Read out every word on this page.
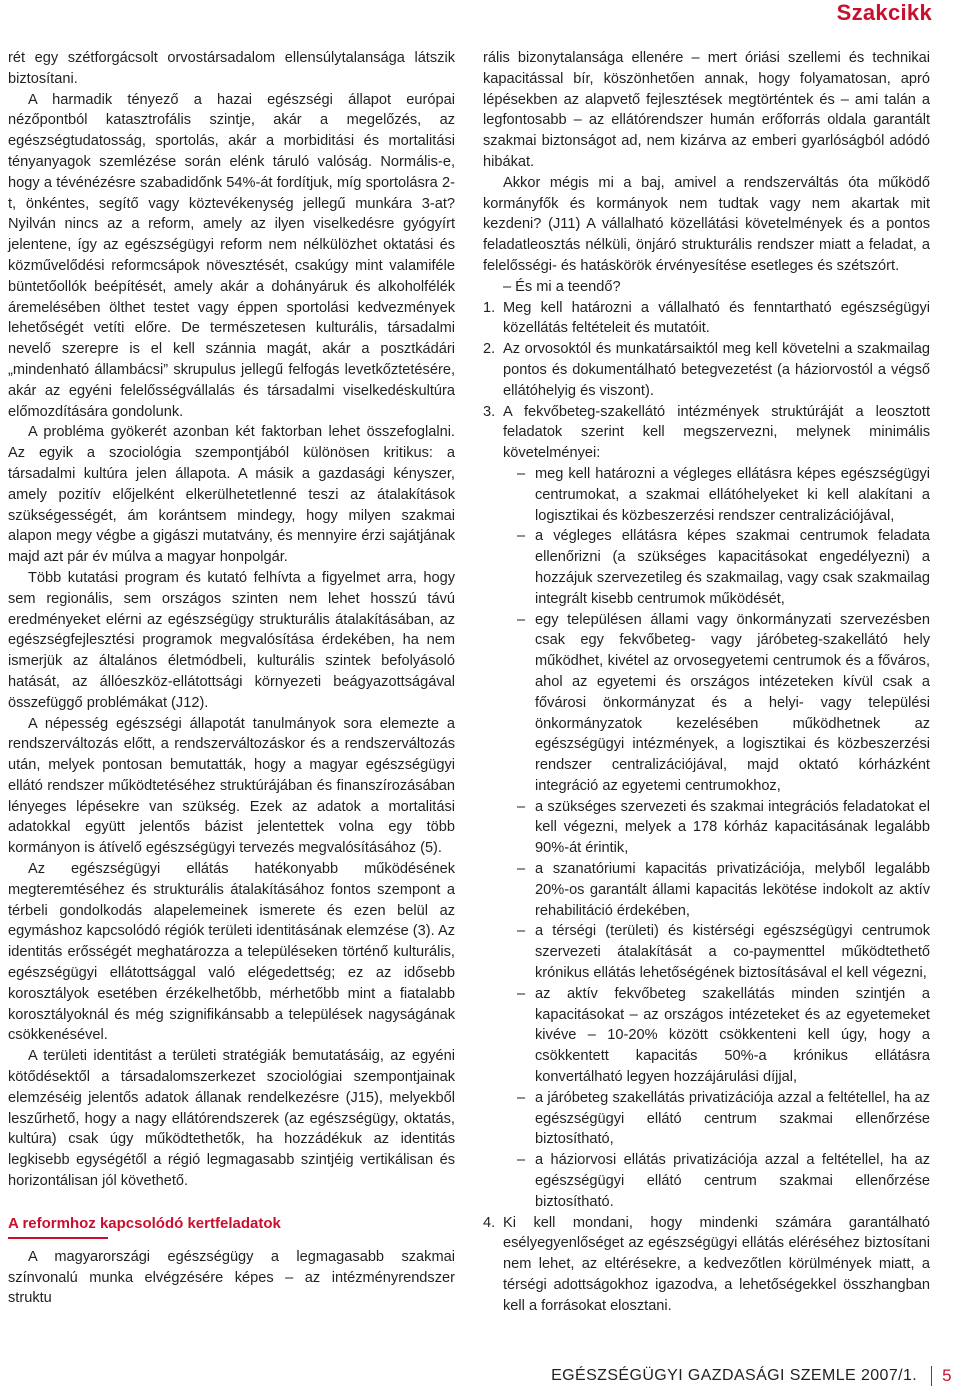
Szakcikk

rét egy szétforgácsolt orvostársadalom ellensúlytalansága látszik biztosítani.

A harmadik tényező a hazai egészségi állapot európai nézőpontból katasztrofális szintje, akár a megelőzés, az egészségtudatosság, sportolás, akár a morbiditási és mortalitási tényanyagok szemlézése során elénk táruló valóság. Normális-e, hogy a tévénézésre szabadidőnk 54%-át fordítjuk, míg sportolásra 2-t, önkéntes, segítő vagy köztevékenység jellegű munkára 3-at? Nyilván nincs az a reform, amely az ilyen viselkedésre gyógyírt jelentene, így az egészségügyi reform nem nélkülözhet oktatási és közművelődési reformcsápok növesztését, csakúgy mint valamiféle büntetőollók beépítését, amely akár a dohányáruk és alkoholfélék áremelésében ölthet testet vagy éppen sportolási kedvezmények lehetőségét vetíti előre. De természetesen kulturális, társadalmi nevelő szerepre is el kell szánnia magát, akár a posztkádári „mindenható állambácsi” skrupulus jellegű felfogás levetkőztetésére, akár az egyéni felelősségvállalás és társadalmi viselkedéskultúra előmozdítására gondolunk.

A probléma gyökerét azonban két faktorban lehet összefoglalni. Az egyik a szociológia szempontjából különösen kritikus: a társadalmi kultúra jelen állapota. A másik a gazdasági kényszer, amely pozitív előjelként elkerülhetetlenné teszi az átalakítások szükségességét, ám korántsem mindegy, hogy milyen szakmai alapon megy végbe a gigászi mutatvány, és mennyire érzi sajátjának majd azt pár év múlva a magyar honpolgár.

Több kutatási program és kutató felhívta a figyelmet arra, hogy sem regionális, sem országos szinten nem lehet hosszú távú eredményeket elérni az egészségügy strukturális átalakításában, az egészségfejlesztési programok megvalósítása érdekében, ha nem ismerjük az általános életmódbeli, kulturális szintek befolyásoló hatását, az állóeszköz-ellátottsági környezeti beágyazottságával összefüggő problémákat (J12).

A népesség egészségi állapotát tanulmányok sora elemezte a rendszerváltozás előtt, a rendszerváltozáskor és a rendszerváltozás után, melyek pontosan bemutatták, hogy a magyar egészségügyi ellátó rendszer működtetéséhez struktúrájában és finanszírozásában lényeges lépésekre van szükség. Ezek az adatok a mortalitási adatokkal együtt jelentős bázist jelentettek volna egy több kormányon is átívelő egészségügyi tervezés megvalósításához (5).

Az egészségügyi ellátás hatékonyabb működésének megteremtéséhez és strukturális átalakításához fontos szempont a térbeli gondolkodás alapelemeinek ismerete és ezen belül az egymáshoz kapcsolódó régiók területi identitásának elemzése (3). Az identitás erősségét meghatározza a településeken történő kulturális, egészségügyi ellátottsággal való elégedettség; ez az idősebb korosztályok esetében érzékelhetőbb, mérhetőbb mint a fiatalabb korosztályoknál és még szignifikánsabb a települések nagyságának csökkenésével.

A területi identitást a területi stratégiák bemutatásáig, az egyéni kötődésektől a társadalomszerkezet szociológiai szempontjainak elemzéséig jelentős adatok állanak rendelkezésre (J15), melyekből leszűrhető, hogy a nagy ellátórendszerek (az egészségügy, oktatás, kultúra) csak úgy működtethetők, ha hozzádékuk az identitás legkisebb egységétől a régió legmagasabb szintjéig vertikálisan és horizontálisan jól követhető.

A reformhoz kapcsolódó kertfeladatok

A magyarországi egészségügy a legmagasabb szakmai színvonalú munka elvégzésére képes – az intézményrendszer struktu

rális bizonytalansága ellenére – mert óriási szellemi és technikai kapacitással bír, köszönhetően annak, hogy folyamatosan, apró lépésekben az alapvető fejlesztések megtörténtek és – ami talán a legfontosabb – az ellátórendszer humán erőforrás oldala garantált szakmai biztonságot ad, nem kizárva az emberi gyarlóságból adódó hibákat.

Akkor mégis mi a baj, amivel a rendszerváltás óta működő kormányfők és kormányok nem tudtak vagy nem akartak mit kezdeni? (J11) A vállalható közellátási követelmények és a pontos feladatleosztás nélküli, önjáró strukturális rendszer miatt a feladat, a felelősségi- és hatáskörök érvényesítése esetleges és szétszórt.

– És mi a teendő?

1. Meg kell határozni a vállalható és fenntartható egészségügyi közellátás feltételeit és mutatóit.
2. Az orvosoktól és munkatársaiktól meg kell követelni a szakmailag pontos és dokumentálható betegvezetést (a háziorvostól a végső ellátóhelyig és viszont).
3. A fekvőbeteg-szakellátó intézmények struktúráját a leosztott feladatok szerint kell megszervezni, melynek minimális követelményei:
– meg kell határozni a végleges ellátásra képes egészségügyi centrumokat, a szakmai ellátóhelyeket ki kell alakítani a logisztikai és közbeszerzési rendszer centralizációjával,
– a végleges ellátásra képes szakmai centrumok feladata ellenőrizni (a szükséges kapacitásokat engedélyezni) a hozzájuk szervezetileg és szakmailag, vagy csak szakmailag integrált kisebb centrumok működését,
– egy településen állami vagy önkormányzati szervezésben csak egy fekvőbeteg- vagy járóbeteg-szakellátó hely működhet, kivétel az orvosegyetemi centrumok és a főváros, ahol az egyetemi és országos intézeteken kívül csak a fővárosi önkormányzat és a helyi- vagy települési önkormányzatok kezelésében működhetnek az egészségügyi intézmények, a logisztikai és közbeszerzési rendszer centralizációjával, majd oktató kórházként integráció az egyetemi centrumokhoz,
– a szükséges szervezeti és szakmai integrációs feladatokat el kell végezni, melyek a 178 kórház kapacitásának legalább 90%-át érintik,
– a szanatóriumi kapacitás privatizációja, melyből legalább 20%-os garantált állami kapacitás lekötése indokolt az aktív rehabilitáció érdekében,
– a térségi (területi) és kistérségi egészségügyi centrumok szervezeti átalakítását a co-paymenttel működtethető krónikus ellátás lehetőségének biztosításával el kell végezni,
– az aktív fekvőbeteg szakellátás minden szintjén a kapacitásokat – az országos intézeteket és az egyetemeket kivéve – 10-20% között csökkenteni kell úgy, hogy a csökkentett kapacitás 50%-a krónikus ellátásra konvertálható legyen hozzájárulási díjjal,
– a járóbeteg szakellátás privatizációja azzal a feltétellel, ha az egészségügyi ellátó centrum szakmai ellenőrzése biztosítható,
– a háziorvosi ellátás privatizációja azzal a feltétellel, ha az egészségügyi ellátó centrum szakmai ellenőrzése biztosítható.
4. Ki kell mondani, hogy mindenki számára garantálható esélyegyenlőséget az egészségügyi ellátás eléréséhez biztosítani nem lehet, az eltérésekre, a kedvezőtlen körülmények miatt, a térségi adottságokhoz igazodva, a lehetőségekkel összhangban kell a forrásokat elosztani.
EGÉSZSÉGÜGYI GAZDASÁGI SZEMLE 2007/1. 5
